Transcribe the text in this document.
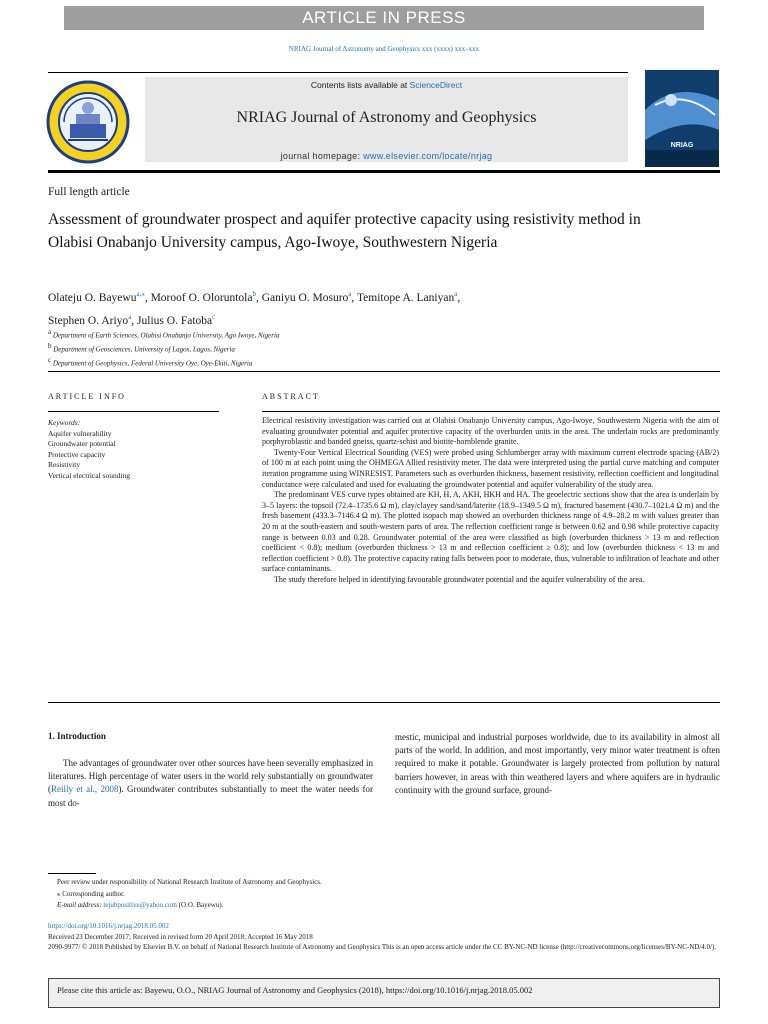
ARTICLE IN PRESS
NRIAG Journal of Astronomy and Geophysics xxx (xxxx) xxx–xxx
Contents lists available at ScienceDirect
NRIAG Journal of Astronomy and Geophysics
journal homepage: www.elsevier.com/locate/nrjag
NRIAG
Full length article
Assessment of groundwater prospect and aquifer protective capacity using resistivity method in Olabisi Onabanjo University campus, Ago-Iwoye, Southwestern Nigeria
Olateju O. Bayewu$^{a,⁎}$, Moroof O. Oloruntola$^b$, Ganiyu O. Mosuro$^a$, Temitope A. Laniyan$^a$,
Stephen O. Ariyo$^a$, Julius O. Fatoba$^c$
$^a$ Department of Earth Sciences, Olabisi Onabanjo University, Ago Iwoye, Nigeria
$^b$ Department of Geosciences, University of Lagos, Lagos, Nigeria
$^c$ Department of Geophysics, Federal University Oye, Oye-Ekiti, Nigeria
ARTICLE INFO	ABSTRACT
Keywords:
Aquifer vulnerability
Groundwater potential
Protective capacity
Resistivity
Vertical electrical sounding

Electrical resistivity investigation was carried out at Olabisi Onabanjo University campus, Ago-Iwoye, Southwestern Nigeria with the aim of evaluating groundwater potential and aquifer protective capacity of the overburden units in the area. The underlain rocks are predominantly porphyroblastic and banded gneiss, quartz-schist and biotite-hornblende granite.

Twenty-Four Vertical Electrical Sounding (VES) were probed using Schlumberger array with maximum current electrode spacing (AB/2) of 100 m at each point using the OHMEGA Allied resistivity meter. The data were interpreted using the partial curve matching and computer iteration programme using WINRESIST. Parameters such as overburden thickness, basement resistivity, reflection coefficient and longitudinal conductance were calculated and used for evaluating the groundwater potential and aquifer vulnerability of the study area.

The predominant VES curve types obtained are KH, H, A, AKH, HKH and HA. The geoelectric sections show that the area is underlain by 3–5 layers: the topsoil (72.4–1735.6 Ω m), clay/clayey sand/sand/laterite (18.9–1349.5 Ω m), fractured basement (430.7–1021.4 Ω m) and the fresh basement (433.3–7146.4 Ω m). The plotted isopach map showed an overburden thickness range of 4.9–28.2 m with values greater than 20 m at the south-eastern and south-western parts of area. The reflection coefficient range is between 0.62 and 0.98 while protective capacity range is between 0.03 and 0.28. Groundwater potential of the area were classified as high (overburden thickness > 13 m and reflection coefficient < 0.8); medium (overburden thickness > 13 m and reflection coefficient ≥ 0.8); and low (overburden thickness < 13 m and reflection coefficient > 0.8). The protective capacity rating falls between poor to moderate, thus, vulnerable to infiltration of leachate and other surface contaminants.

The study therefore helped in identifying favourable groundwater potential and the aquifer vulnerability of the area.

1. Introduction
The advantages of groundwater over other sources have been severally emphasized in literatures. High percentage of water users in the world rely substantially on groundwater (Reilly et al., 2008). Groundwater contributes substantially to meet the water needs for most do-
mestic, municipal and industrial purposes worldwide, due to its availability in almost all parts of the world. In addition, and most importantly, very minor water treatment is often required to make it potable. Groundwater is largely protected from pollution by natural barriers however, in areas with thin weathered layers and where aquifers are in hydraulic continuity with the ground surface, ground-
Peer review under responsibility of National Research Institute of Astronomy and Geophysics.
⁎ Corresponding author.
E-mail address: tejubpositive@yahoo.com (O.O. Bayewu).
https://doi.org/10.1016/j.nrjag.2018.05.002
Received 23 December 2017; Received in revised form 20 April 2018; Accepted 16 May 2018
2090-9977/ © 2018 Published by Elsevier B.V. on behalf of National Research Institute of Astronomy and Geophysics This is an open access article under the CC BY-NC-ND license (http://creativecommons.org/licenses/BY-NC-ND/4.0/).
Please cite this article as: Bayewu, O.O., NRIAG Journal of Astronomy and Geophysics (2018), https://doi.org/10.1016/j.nrjag.2018.05.002
